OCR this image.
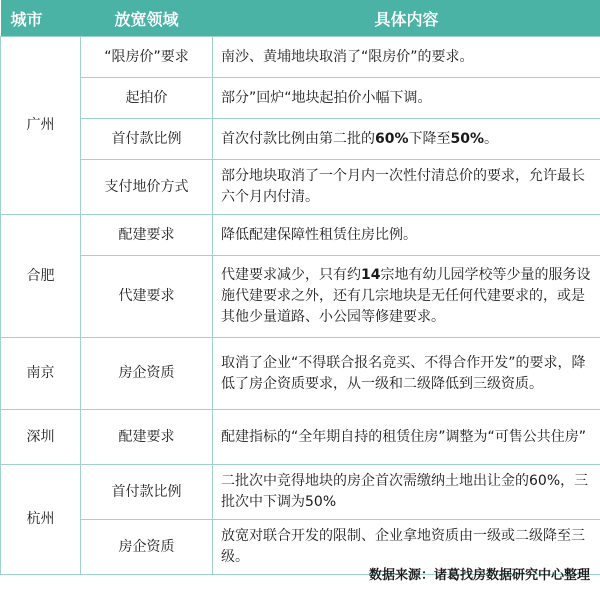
城市	放宽领域	具体内容
广州	“限房价”要求	南沙、黄埔地块取消了“限房价”的要求。
	起拍价	部分”回炉“地块起拍价小幅下调。
	首付款比例	首次付款比例由第二批的60%下降至50%。
	支付地价方式	部分地块取消了一个月内一次性付清总价的要求，允许最长六个月内付清。
合肥	配建要求	降低配建保障性租赁住房比例。
	代建要求	代建要求减少，只有约14宗地有幼儿园学校等少量的服务设施代建要求之外，还有几宗地块是无任何代建要求的，或是其他少量道路、小公园等修建要求。
南京	房企资质	取消了企业“不得联合报名竞买、不得合作开发”的要求，降低了房企资质要求，从一级和二级降低到三级资质。
深圳	配建要求	配建指标的“全年期自持的租赁住房”调整为“可售公共住房”
杭州	首付款比例	二批次中竞得地块的房企首次需缴纳土地出让金的60%，三批次中下调为50%
	房企资质	放宽对联合开发的限制、企业拿地资质由一级或二级降至三级。
数据来源：诸葛找房数据研究中心整理
